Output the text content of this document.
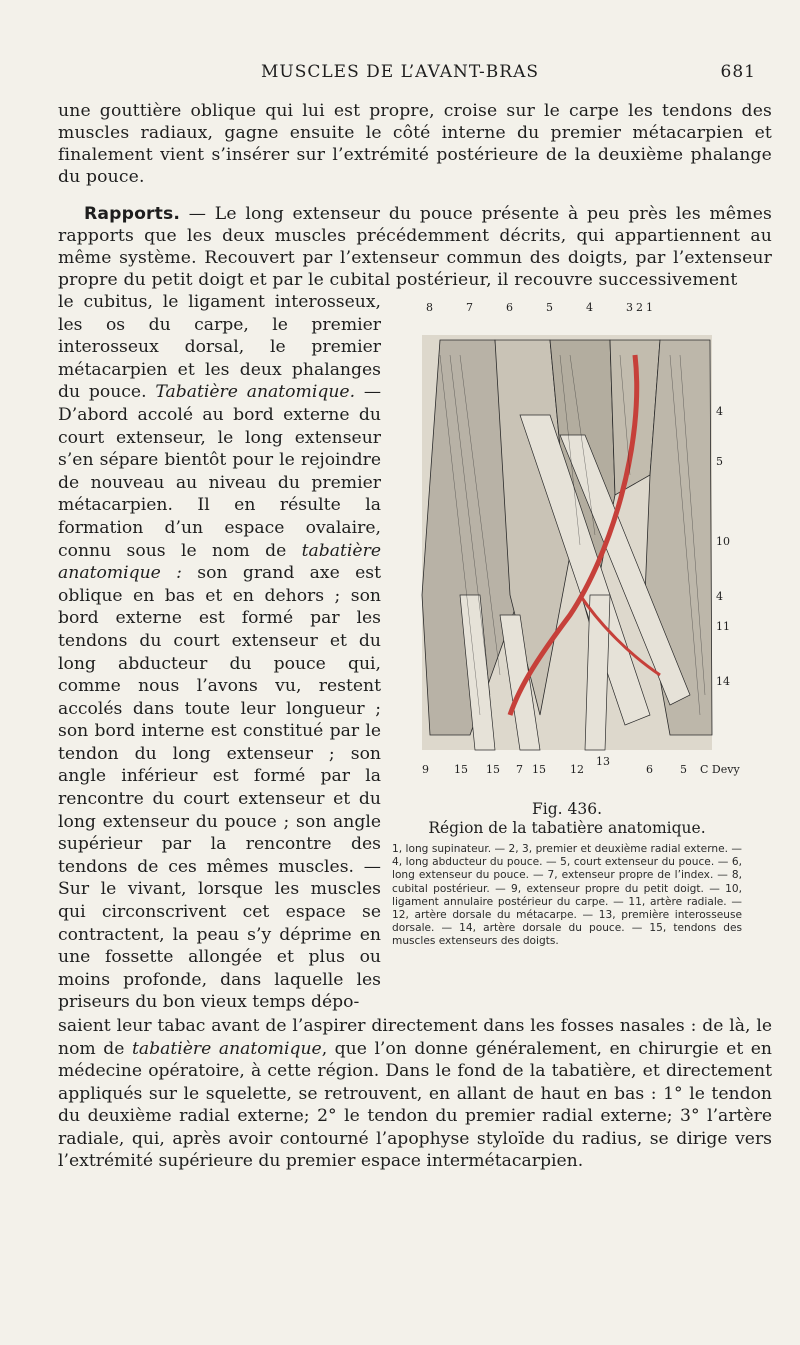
MUSCLES DE L’AVANT-BRAS	681
une gouttière oblique qui lui est propre, croise sur le carpe les tendons des muscles radiaux, gagne ensuite le côté interne du premier métacarpien et finalement vient s’insérer sur l’extrémité postérieure de la deuxième phalange du pouce.
Rapports. — Le long extenseur du pouce présente à peu près les mêmes rapports que les deux muscles précédemment décrits, qui appartiennent au même système. Recouvert par l’extenseur commun des doigts, par l’extenseur propre du petit doigt et par le cubital postérieur, il recouvre successivement
le cubitus, le ligament interosseux, les os du carpe, le premier interosseux dorsal, le premier métacarpien et les deux phalanges du pouce. Tabatière anatomique. — D’abord accolé au bord externe du court extenseur, le long extenseur s’en sépare bientôt pour le rejoindre de nouveau au niveau du premier métacarpien. Il en résulte la formation d’un espace ovalaire, connu sous le nom de tabatière anatomique : son grand axe est oblique en bas et en dehors ; son bord externe est formé par les tendons du court extenseur et du long abducteur du pouce qui, comme nous l’avons vu, restent accolés dans toute leur longueur ; son bord interne est constitué par le tendon du long extenseur ; son angle inférieur est formé par la rencontre du court extenseur et du long extenseur du pouce ; son angle supérieur par la rencontre des tendons de ces mêmes muscles. — Sur le vivant, lorsque les muscles qui circonscrivent cet espace se contractent, la peau s’y déprime en une fossette allongée et plus ou moins profonde, dans laquelle les priseurs du bon vieux temps dépo-
8	7	6	5	4	3 2 1
4
5
10
4
11
14
9 15 15 7 15 12
13
6 5 C Devy
Fig. 436.
Région de la tabatière anatomique.
1, long supinateur. — 2, 3, premier et deuxième radial externe. — 4, long abducteur du pouce. — 5, court extenseur du pouce. — 6, long extenseur du pouce. — 7, extenseur propre de l’index. — 8, cubital postérieur. — 9, extenseur propre du petit doigt. — 10, ligament annulaire postérieur du carpe. — 11, artère radiale. — 12, artère dorsale du métacarpe. — 13, première interosseuse dorsale. — 14, artère dorsale du pouce. — 15, tendons des muscles extenseurs des doigts.
saient leur tabac avant de l’aspirer directement dans les fosses nasales : de là, le nom de tabatière anatomique, que l’on donne généralement, en chirurgie et en médecine opératoire, à cette région. Dans le fond de la tabatière, et directement appliqués sur le squelette, se retrouvent, en allant de haut en bas : 1° le tendon du deuxième radial externe; 2° le tendon du premier radial externe; 3° l’artère radiale, qui, après avoir contourné l’apophyse styloïde du radius, se dirige vers l’extrémité supérieure du premier espace intermétacarpien.
